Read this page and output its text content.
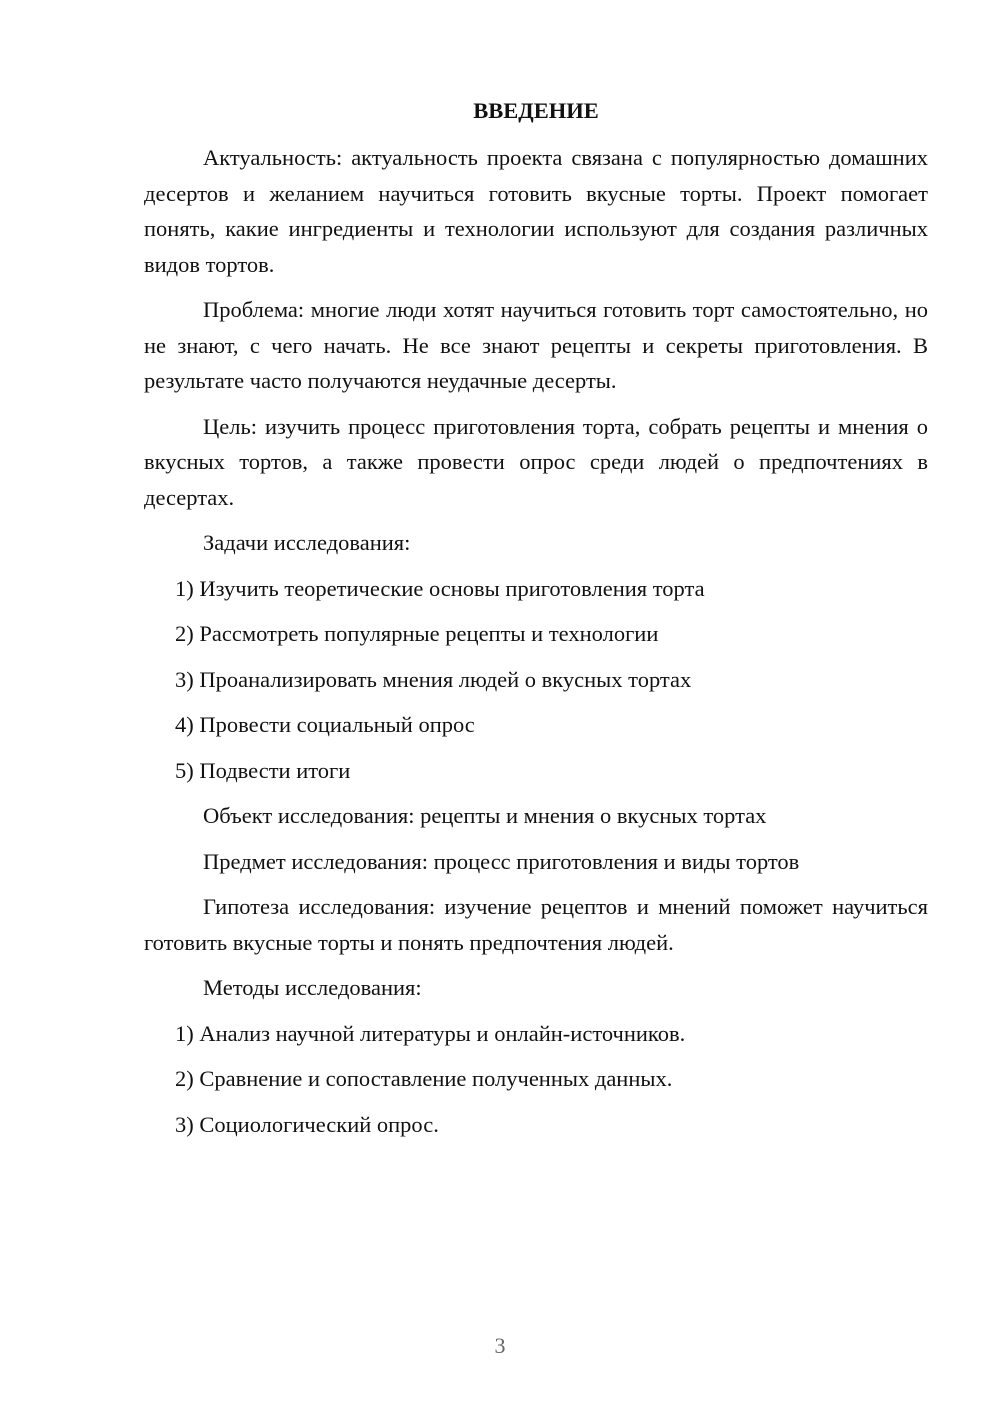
ВВЕДЕНИЕ

Актуальность: актуальность проекта связана с популярностью домашних десертов и желанием научиться готовить вкусные торты. Проект помогает понять, какие ингредиенты и технологии используют для создания различных видов тортов.

Проблема: многие люди хотят научиться готовить торт самостоятельно, но не знают, с чего начать. Не все знают рецепты и секреты приготовления. В результате часто получаются неудачные десерты.

Цель: изучить процесс приготовления торта, собрать рецепты и мнения о вкусных тортов, а также провести опрос среди людей о предпочтениях в десертах.

Задачи исследования:

1) Изучить теоретические основы приготовления торта

2) Рассмотреть популярные рецепты и технологии

3) Проанализировать мнения людей о вкусных тортах

4) Провести социальный опрос

5) Подвести итоги

Объект исследования: рецепты и мнения о вкусных тортах

Предмет исследования: процесс приготовления и виды тортов

Гипотеза исследования: изучение рецептов и мнений поможет научиться готовить вкусные торты и понять предпочтения людей.

Методы исследования:

1) Анализ научной литературы и онлайн-источников.

2) Сравнение и сопоставление полученных данных.

3) Социологический опрос.

3
